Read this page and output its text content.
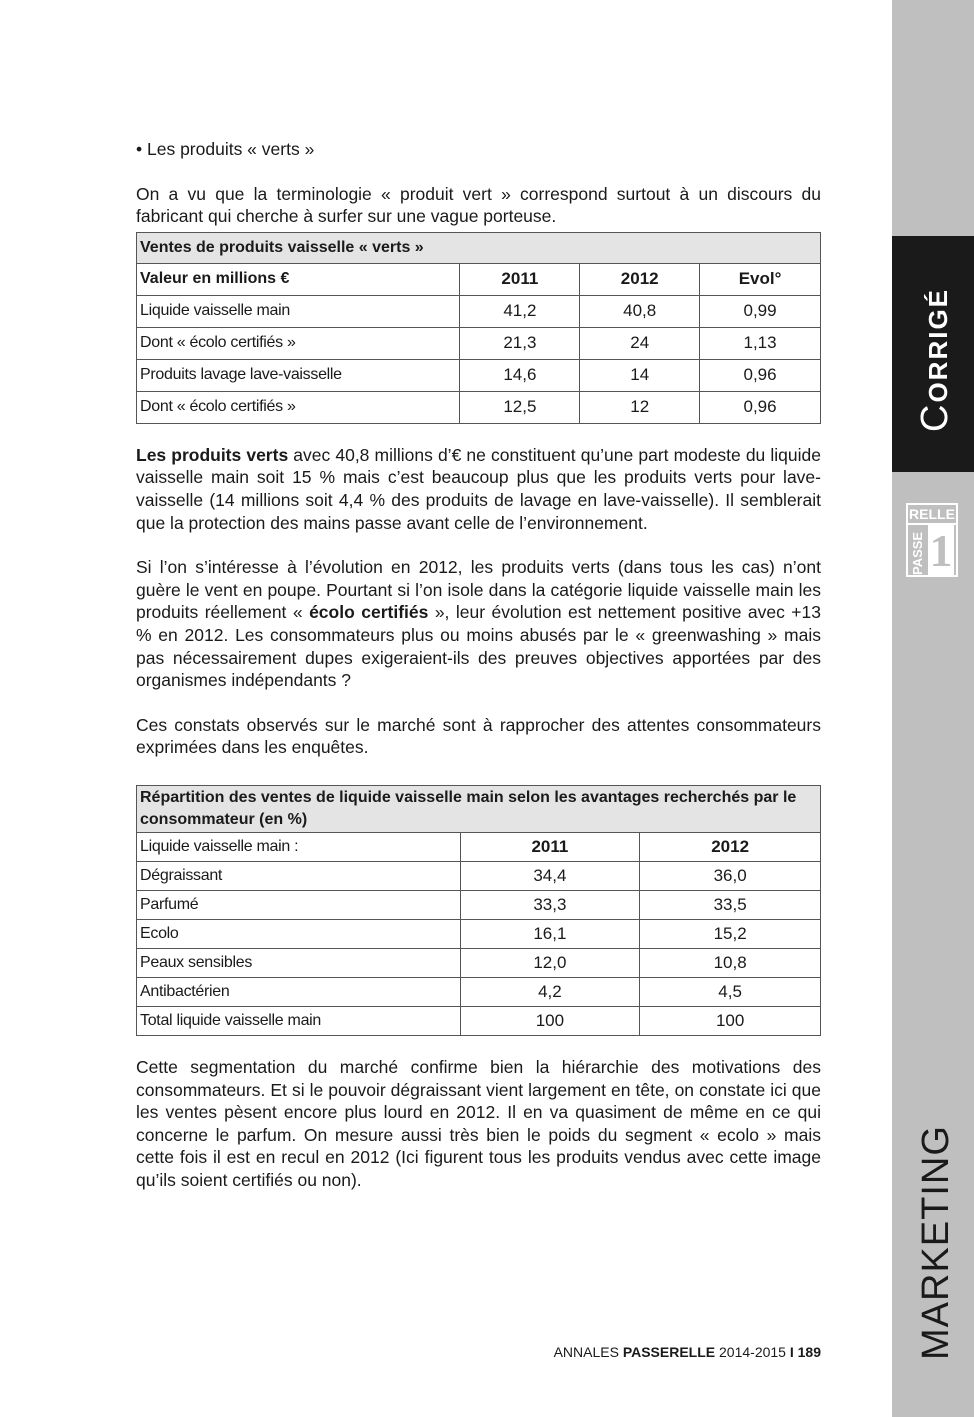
CORRIGÉ
RELLE
PASSE 1
MARKETING

• Les produits « verts »

On a vu que la terminologie « produit vert » correspond surtout à un discours du fabricant qui cherche à surfer sur une vague porteuse.

Ventes de produits vaisselle « verts »			
Valeur en millions €	2011	2012	Evol°
Liquide vaisselle main	41,2	40,8	0,99
Dont « écolo certifiés »	21,3	24	1,13
Produits lavage lave-vaisselle	14,6	14	0,96
Dont « écolo certifiés »	12,5	12	0,96

Les produits verts avec 40,8 millions d’€ ne constituent qu’une part modeste du liquide vaisselle main soit 15 % mais c’est beaucoup plus que les produits verts pour lave-vaisselle (14 millions soit 4,4 % des produits de lavage en lave-vaisselle). Il semblerait que la protection des mains passe avant celle de l’environnement.

Si l’on s’intéresse à l’évolution en 2012, les produits verts (dans tous les cas) n’ont guère le vent en poupe. Pourtant si l’on isole dans la catégorie liquide vaisselle main les produits réellement « écolo certifiés », leur évolution est nettement positive avec +13 % en 2012. Les consommateurs plus ou moins abusés par le « greenwashing » mais pas nécessairement dupes exigeraient-ils des preuves objectives apportées par des organismes indépendants ?

Ces constats observés sur le marché sont à rapprocher des attentes consommateurs exprimées dans les enquêtes.

Répartition des ventes de liquide vaisselle main selon les avantages recherchés par le consommateur (en %)		
Liquide vaisselle main :	2011	2012
Dégraissant	34,4	36,0
Parfumé	33,3	33,5
Ecolo	16,1	15,2
Peaux sensibles	12,0	10,8
Antibactérien	4,2	4,5
Total liquide vaisselle main	100	100

Cette segmentation du marché confirme bien la hiérarchie des motivations des consommateurs. Et si le pouvoir dégraissant vient largement en tête, on constate ici que les ventes pèsent encore plus lourd en 2012. Il en va quasiment de même en ce qui concerne le parfum. On mesure aussi très bien le poids du segment « ecolo » mais cette fois il est en recul en 2012 (Ici figurent tous les produits vendus avec cette image qu’ils soient certifiés ou non).

ANNALES PASSERELLE 2014-2015 I 189
